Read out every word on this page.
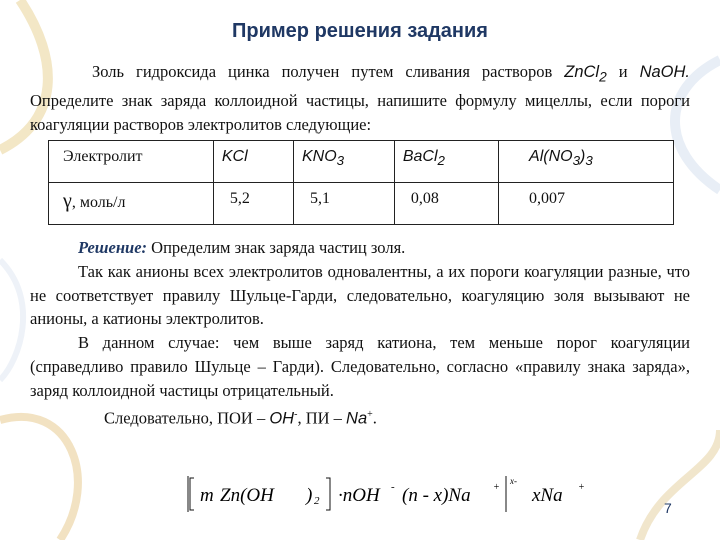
Пример решения задания
Золь гидроксида цинка получен путем сливания растворов ZnCl$_2$ и NaOH. Определите знак заряда коллоидной частицы, напишите формулу мицеллы, если пороги коагуляции растворов электролитов следующие:
Электролит	KCl	$KNO_3$	BaCl$_2$	$Al(NO_3)_3$
γ, моль/л	5,2	5,1	0,08	0,007

Решение: Определим знак заряда частиц золя.

Так как анионы всех электролитов одновалентны, а их пороги коагуляции разные, что не соответствует правилу Шульце-Гарди, следовательно, коагуляцию золя вызывают не анионы, а катионы электролитов.

В данном случае: чем выше заряд катиона, тем меньше порог коагуляции (справедливо правило Шульце – Гарди). Следовательно, согласно «правилу знака заряда», заряд коллоидной частицы отрицательный.

Следовательно, ПОИ – OH-, ПИ – Na+.

m Zn(OH ) 2 ·nOH - (n - x)Na +
x-
xNa +
7
